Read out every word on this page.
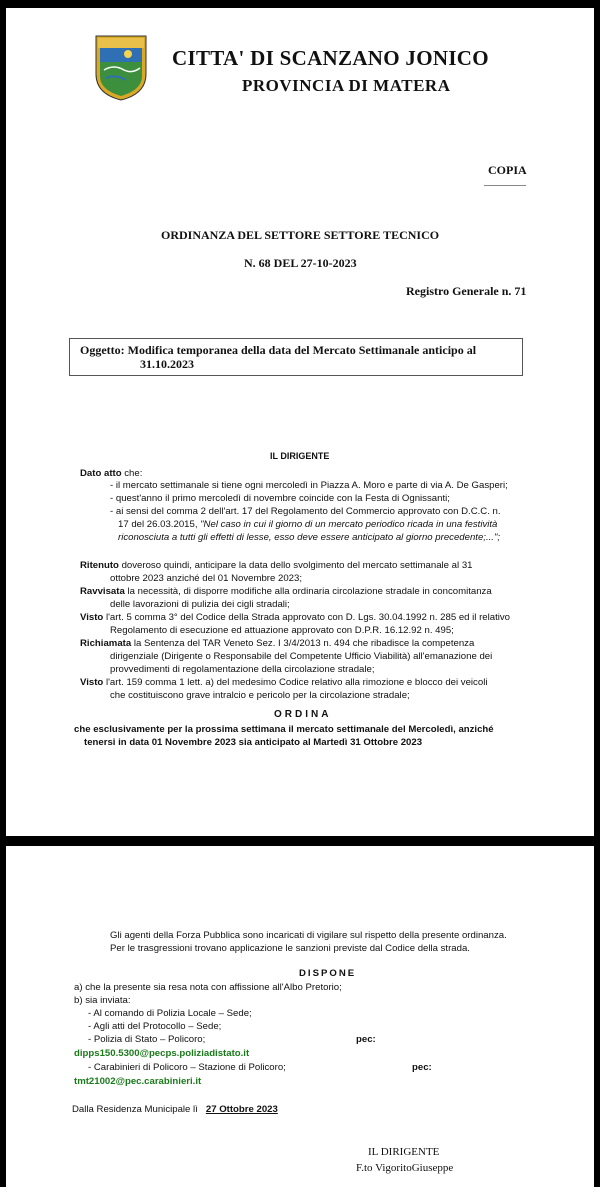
CITTA' DI SCANZANO JONICO
PROVINCIA DI MATERA
COPIA
ORDINANZA DEL SETTORE SETTORE TECNICO
N. 68 DEL 27-10-2023
Registro Generale n. 71
Oggetto: Modifica temporanea della data del Mercato Settimanale anticipo al
31.10.2023
IL DIRIGENTE
Dato atto che:
- il mercato settimanale si tiene ogni mercoledì in Piazza A. Moro e parte di via A. De Gasperi;
- quest'anno il primo mercoledì di novembre coincide con la Festa di Ognissanti;
- ai sensi del comma 2 dell'art. 17 del Regolamento del Commercio approvato con D.C.C. n.
17 del 26.03.2015, "Nel caso in cui il giorno di un mercato periodico ricada in una festività
riconosciuta a tutti gli effetti di lesse, esso deve essere anticipato al giorno precedente;...";
Ritenuto doveroso quindi, anticipare la data dello svolgimento del mercato settimanale al 31
ottobre 2023 anziché del 01 Novembre 2023;
Ravvisata la necessità, di disporre modifiche alla ordinaria circolazione stradale in concomitanza
delle lavorazioni di pulizia dei cigli stradali;
Visto l'art. 5 comma 3° del Codice della Strada approvato con D. Lgs. 30.04.1992 n. 285 ed il relativo
Regolamento di esecuzione ed attuazione approvato con D.P.R. 16.12.92 n. 495;
Richiamata la Sentenza del TAR Veneto Sez. I 3/4/2013 n. 494 che ribadisce la competenza
dirigenziale (Dirigente o Responsabile del Competente Ufficio Viabilità) all'emanazione dei
provvedimenti di regolamentazione della circolazione stradale;
Visto l'art. 159 comma 1 lett. a) del medesimo Codice relativo alla rimozione e blocco dei veicoli
che costituiscono grave intralcio e pericolo per la circolazione stradale;
ORDINA
che esclusivamente per la prossima settimana il mercato settimanale del Mercoledì, anziché
tenersi in data 01 Novembre 2023 sia anticipato al Martedì 31 Ottobre 2023
Gli agenti della Forza Pubblica sono incaricati di vigilare sul rispetto della presente ordinanza.
Per le trasgressioni trovano applicazione le sanzioni previste dal Codice della strada.
DISPONE
a) che la presente sia resa nota con affissione all'Albo Pretorio;
b) sia inviata:
- Al comando di Polizia Locale – Sede;
- Agli atti del Protocollo – Sede;
- Polizia di Stato – Policoro;	pec:
dipps150.5300@pecps.poliziadistato.it
- Carabinieri di Policoro – Stazione di Policoro;	pec:
tmt21002@pec.carabinieri.it
Dalla Residenza Municipale lì 27 Ottobre 2023
IL DIRIGENTE
F.to VigoritoGiuseppe
